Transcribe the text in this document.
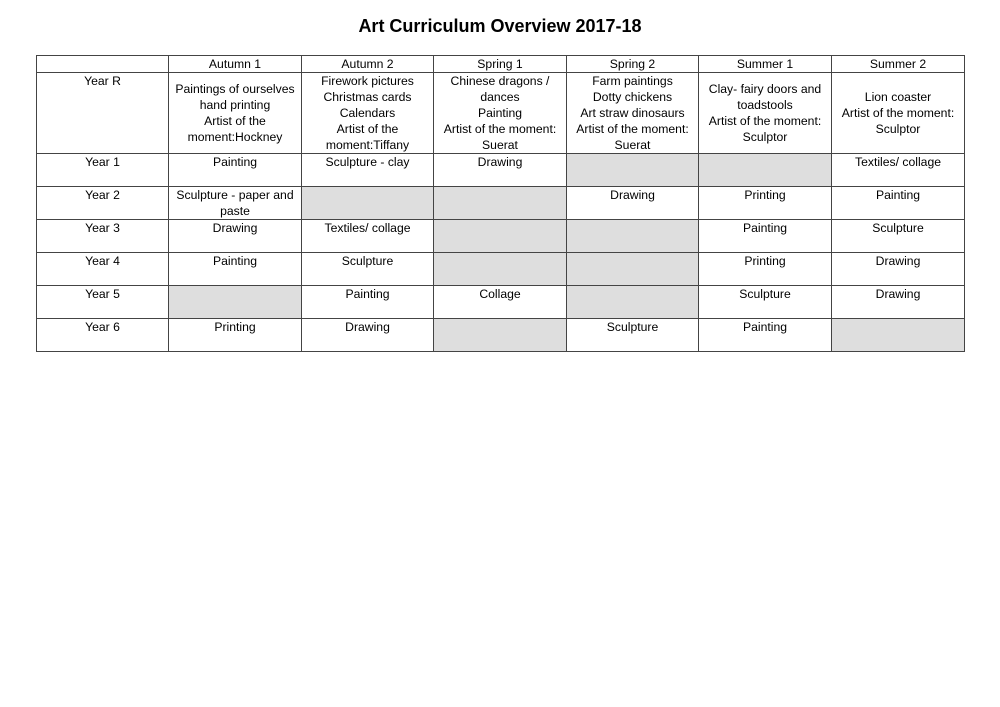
Art Curriculum Overview 2017-18
	Autumn 1	Autumn 2	Spring 1	Spring 2	Summer 1	Summer 2
Year R	Paintings of ourselves
hand printing
Artist of the
moment:Hockney	Firework pictures
Christmas cards
Calendars
Artist of the
moment:Tiffany	Chinese dragons /
dances
Painting
Artist of the moment:
Suerat	Farm paintings
Dotty chickens
Art straw dinosaurs
Artist of the moment:
Suerat	Clay- fairy doors and
toadstools
Artist of the moment:
Sculptor	Lion coaster
Artist of the moment:
Sculptor

Year 1	Painting	Sculpture - clay	Drawing			Textiles/ collage
Year 2	Sculpture - paper and paste			Drawing	Printing	Painting
Year 3	Drawing	Textiles/ collage			Painting	Sculpture
Year 4	Painting	Sculpture			Printing	Drawing
Year 5		Painting	Collage		Sculpture	Drawing
Year 6	Printing	Drawing		Sculpture	Painting	
